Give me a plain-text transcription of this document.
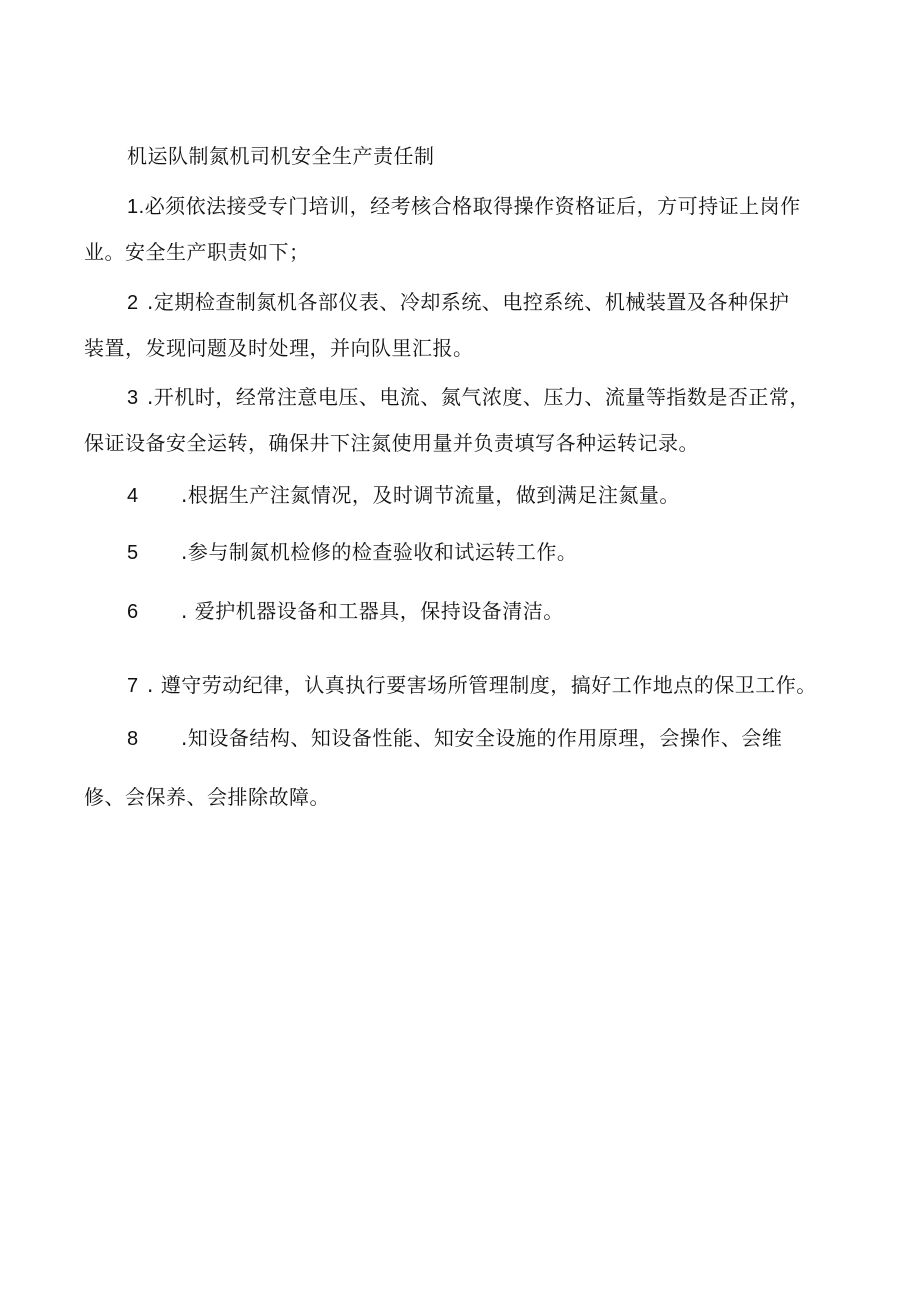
机运队制氮机司机安全生产责任制
1.必须依法接受专门培训，经考核合格取得操作资格证后，方可持证上岗作
业。安全生产职责如下；
2 .定期检查制氮机各部仪表、冷却系统、电控系统、机械装置及各种保护
装置，发现问题及时处理，并向队里汇报。
3 .开机时，经常注意电压、电流、氮气浓度、压力、流量等指数是否正常，
保证设备安全运转，确保井下注氮使用量并负责填写各种运转记录。
4 .根据生产注氮情况，及时调节流量，做到满足注氮量。
5 .参与制氮机检修的检查验收和试运转工作。
6 . 爱护机器设备和工器具，保持设备清洁。
7 . 遵守劳动纪律，认真执行要害场所管理制度，搞好工作地点的保卫工作。
8 .知设备结构、知设备性能、知安全设施的作用原理，会操作、会维
修、会保养、会排除故障。
